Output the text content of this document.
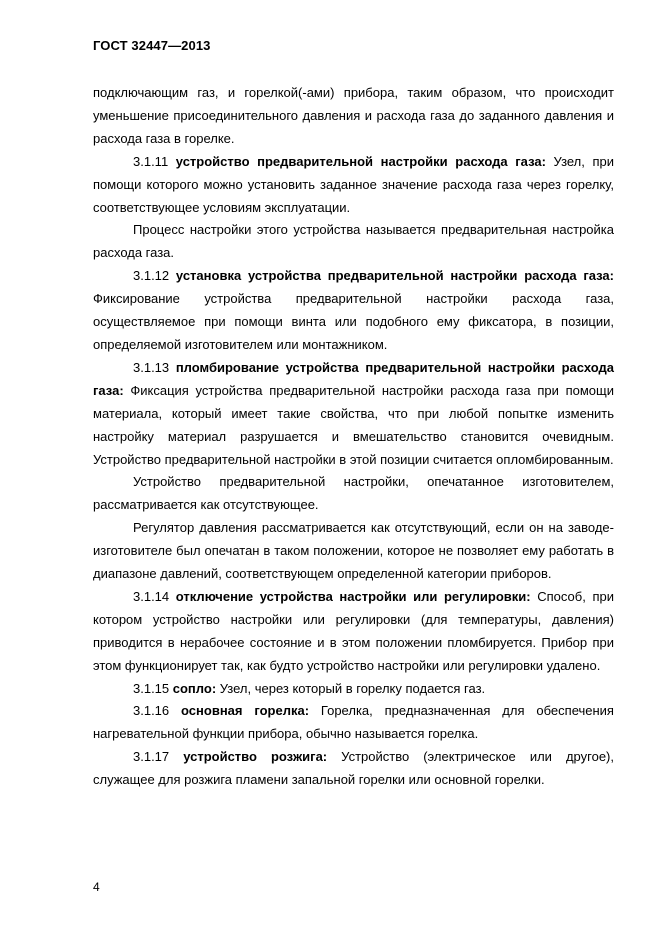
ГОСТ 32447—2013

подключающим газ, и горелкой(-ами) прибора, таким образом, что происходит уменьшение присоединительного давления и расхода газа до заданного давления и расхода газа в горелке.

3.1.11 устройство предварительной настройки расхода газа: Узел, при помощи которого можно установить заданное значение расхода газа через горелку, соответствующее условиям эксплуатации.

Процесс настройки этого устройства называется предварительная настройка расхода газа.

3.1.12 установка устройства предварительной настройки расхода газа: Фиксирование устройства предварительной настройки расхода газа, осуществляемое при помощи винта или подобного ему фиксатора, в позиции, определяемой изготовителем или монтажником.

3.1.13 пломбирование устройства предварительной настройки расхода газа: Фиксация устройства предварительной настройки расхода газа при помощи материала, который имеет такие свойства, что при любой попытке изменить настройку материал разрушается и вмешательство становится очевидным. Устройство предварительной настройки в этой позиции считается опломбированным.

Устройство предварительной настройки, опечатанное изготовителем, рассматривается как отсутствующее.

Регулятор давления рассматривается как отсутствующий, если он на заводе-изготовителе был опечатан в таком положении, которое не позволяет ему работать в диапазоне давлений, соответствующем определенной категории приборов.

3.1.14 отключение устройства настройки или регулировки: Способ, при котором устройство настройки или регулировки (для температуры, давления) приводится в нерабочее состояние и в этом положении пломбируется. Прибор при этом функционирует так, как будто устройство настройки или регулировки удалено.

3.1.15 сопло: Узел, через который в горелку подается газ.

3.1.16 основная горелка: Горелка, предназначенная для обеспечения нагревательной функции прибора, обычно называется горелка.

3.1.17 устройство розжига: Устройство (электрическое или другое), служащее для розжига пламени запальной горелки или основной горелки.

4
